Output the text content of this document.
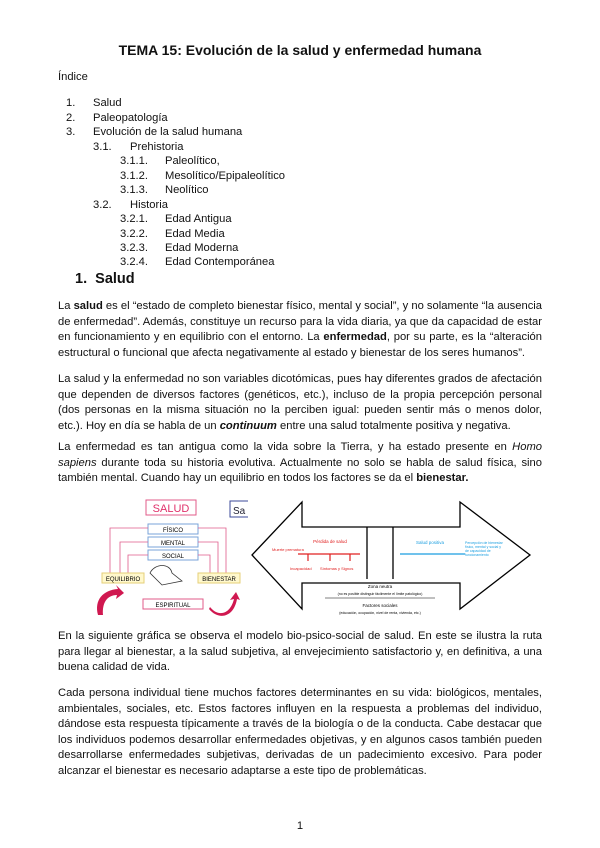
TEMA 15: Evolución de la salud y enfermedad humana
Índice
1. Salud
2. Paleopatología
3. Evolución de la salud humana
3.1. Prehistoria
3.1.1. Paleolítico,
3.1.2. Mesolítico/Epipaleolítico
3.1.3. Neolítico
3.2. Historia
3.2.1. Edad Antigua
3.2.2. Edad Media
3.2.3. Edad Moderna
3.2.4. Edad Contemporánea
1. Salud

La salud es el “estado de completo bienestar físico, mental y social”, y no solamente “la ausencia de enfermedad”. Además, constituye un recurso para la vida diaria, ya que da capacidad de estar en funcionamiento y en equilibrio con el entorno. La enfermedad, por su parte, es la “alteración estructural o funcional que afecta negativamente al estado y bienestar de los seres humanos”.

La salud y la enfermedad no son variables dicotómicas, pues hay diferentes grados de afectación que dependen de diversos factores (genéticos, etc.), incluso de la propia percepción personal (dos personas en la misma situación no la perciben igual: pueden sentir más o menos dolor, etc.). Hoy en día se habla de un continuum entre una salud totalmente positiva y negativa.

La enfermedad es tan antigua como la vida sobre la Tierra, y ha estado presente en Homo sapiens durante toda su historia evolutiva. Actualmente no solo se habla de salud física, sino también mental. Cuando hay un equilibrio en todos los factores se da el bienestar.

SALUD
FÍSICO
MENTAL
SOCIAL
EQUILIBRIO	BIENESTAR
ESPIRITUAL
Sa
Pérdida de salud
Muerte prematura
Incapacidad Síntomas y Signos
Salud positiva	Percepción de bienestar físico, mental y social y de capacidad de funcionamiento
Zona neutra
(no es posible distinguir fácilmente el límite patológico)
Factores sociales
(educación, ocupación, nivel de renta, vivienda, etc.)

En la siguiente gráfica se observa el modelo bio-psico-social de salud. En este se ilustra la ruta para llegar al bienestar, a la salud subjetiva, al envejecimiento satisfactorio y, en definitiva, a una buena calidad de vida.

Cada persona individual tiene muchos factores determinantes en su vida: biológicos, mentales, ambientales, sociales, etc. Estos factores influyen en la respuesta a problemas del individuo, dándose esta respuesta típicamente a través de la biología o de la conducta. Cabe destacar que los individuos podemos desarrollar enfermedades objetivas, y en algunos casos también pueden desarrollarse enfermedades subjetivas, derivadas de un padecimiento excesivo. Para poder alcanzar el bienestar es necesario adaptarse a este tipo de problemáticas.

1
